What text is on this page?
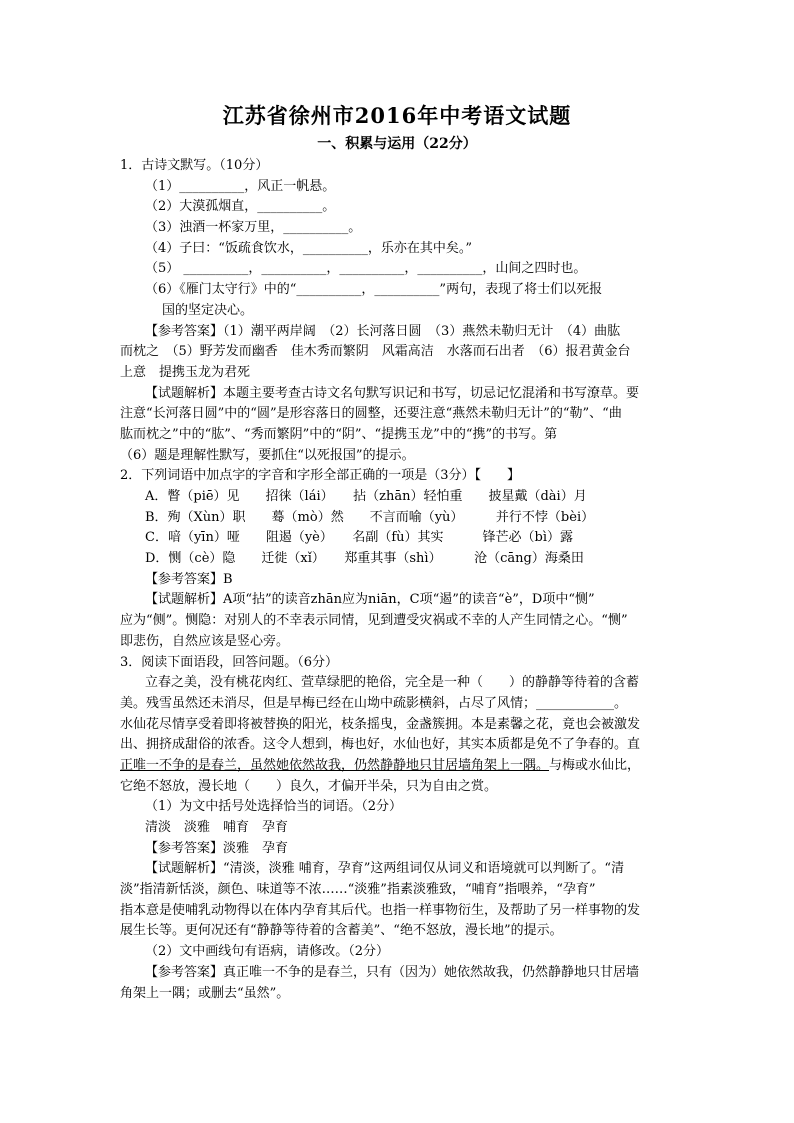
江苏省徐州市2016年中考语文试题
一、积累与运用（22分）
1．古诗文默写。（10分）
（1）__________，风正一帆悬。
（2）大漠孤烟直，__________。
（3）浊酒一杯家万里，__________。
（4）子曰：“饭疏食饮水，__________，乐亦在其中矣。”
（5） __________，__________，__________，__________，山间之四时也。
（6）《雁门太守行》中的“__________，__________”两句，表现了将士们以死报
国的坚定决心。
【参考答案】（1）潮平两岸阔　（2）长河落日圆　（3）燕然未勒归无计　（4）曲肱
而枕之　（5）野芳发而幽香　佳木秀而繁阴　风霜高洁　水落而石出者　（6）报君黄金台
上意　提携玉龙为君死
【试题解析】本题主要考查古诗文名句默写识记和书写，切忌记忆混淆和书写潦草。要
注意“长河落日圆”中的“圆”是形容落日的圆整，还要注意“燕然未勒归无计”的“勒”、“曲
肱而枕之”中的“肱”、“秀而繁阴”中的“阴”、“提携玉龙”中的“携”的书写。第
（6）题是理解性默写，要抓住“以死报国”的提示。
2．下列词语中加点字的字音和字形全部正确的一项是（3分）【　　】
A．瞥（piē）见　　招徕（lái）　　拈（zhān）轻怕重　　披星戴（dài）月
B．殉（Xùn）职　　蓦（mò）然　　不言而喻（yù）　　　并行不悖（bèi）
C．喑（yīn）哑　　阻遏（yè）　　名副（fù）其实　　　锋芒必（bì）露
D．恻（cè）隐　　迁徙（xǐ）　　郑重其事（shì）　　　沧（cāng）海桑田
【参考答案】B
【试题解析】A项“拈”的读音zhān应为niān，C项“遏”的读音“è”，D项中“恻”
应为“侧”。恻隐：对别人的不幸表示同情，见到遭受灾祸或不幸的人产生同情之心。“恻”
即悲伤，自然应该是竖心旁。
3．阅读下面语段，回答问题。（6分）
立春之美，没有桃花肉红、萱草绿肥的艳俗，完全是一种（　　）的静静等待着的含蓄
美。残雪虽然还未消尽，但是早梅已经在山坳中疏影横斜，占尽了风情；____________。
水仙花尽情享受着即将被替换的阳光，枝条摇曳，金盏簇拥。本是素馨之花，竟也会被激发
出、拥挤成甜俗的浓香。这令人想到，梅也好，水仙也好，其实本质都是免不了争春的。直
正唯一不争的是春兰，虽然她依然故我，仍然静静地只甘居墙角架上一隅。与梅或水仙比，
它绝不怒放，漫长地（　　）良久，才偏开半朵，只为自由之赏。
（1）为文中括号处选择恰当的词语。（2分）
清淡　淡雅　哺育　孕育
【参考答案】淡雅　孕育
【试题解析】“清淡，淡雅 哺育，孕育”这两组词仅从词义和语境就可以判断了。“清
淡”指清新恬淡，颜色、味道等不浓……“淡雅”指素淡雅致，“哺育”指喂养，“孕育”
指本意是使哺乳动物得以在体内孕育其后代。也指一样事物衍生，及帮助了另一样事物的发
展生长等。更何况还有“静静等待着的含蓄美”、“绝不怒放，漫长地”的提示。
（2）文中画线句有语病，请修改。（2分）
【参考答案】真正唯一不争的是春兰，只有（因为）她依然故我，仍然静静地只甘居墙
角架上一隅；或删去“虽然”。
